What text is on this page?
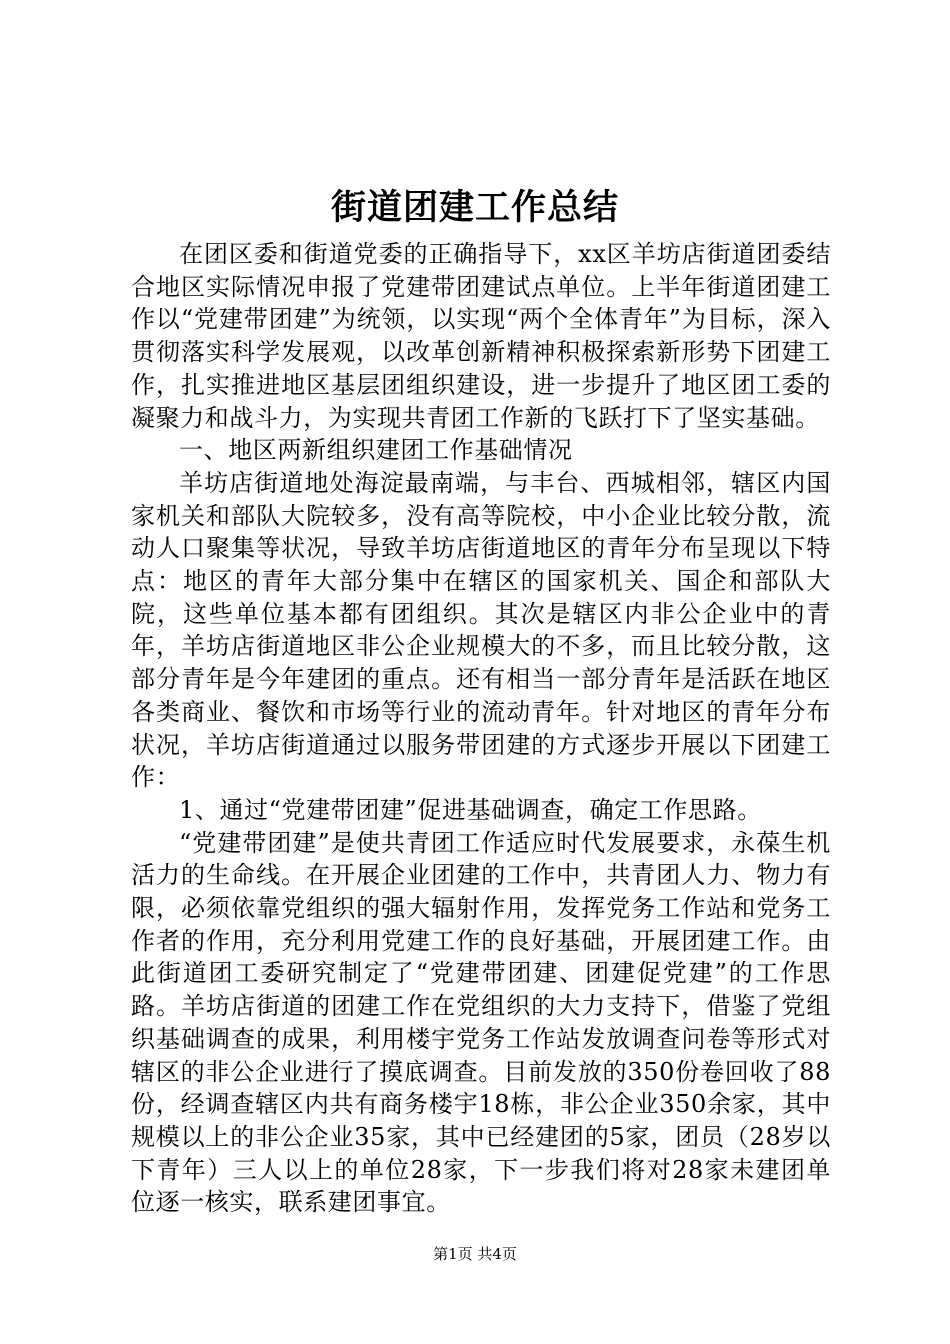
街道团建工作总结

在团区委和街道党委的正确指导下，xx区羊坊店街道团委结合地区实际情况申报了党建带团建试点单位。上半年街道团建工作以“党建带团建”为统领，以实现“两个全体青年”为目标，深入贯彻落实科学发展观，以改革创新精神积极探索新形势下团建工作，扎实推进地区基层团组织建设，进一步提升了地区团工委的凝聚力和战斗力，为实现共青团工作新的飞跃打下了坚实基础。

一、地区两新组织建团工作基础情况

羊坊店街道地处海淀最南端，与丰台、西城相邻，辖区内国家机关和部队大院较多，没有高等院校，中小企业比较分散，流动人口聚集等状况，导致羊坊店街道地区的青年分布呈现以下特点：地区的青年大部分集中在辖区的国家机关、国企和部队大院，这些单位基本都有团组织。其次是辖区内非公企业中的青年，羊坊店街道地区非公企业规模大的不多，而且比较分散，这部分青年是今年建团的重点。还有相当一部分青年是活跃在地区各类商业、餐饮和市场等行业的流动青年。针对地区的青年分布状况，羊坊店街道通过以服务带团建的方式逐步开展以下团建工作：

1、通过“党建带团建”促进基础调查，确定工作思路。

“党建带团建”是使共青团工作适应时代发展要求，永葆生机活力的生命线。在开展企业团建的工作中，共青团人力、物力有限，必须依靠党组织的强大辐射作用，发挥党务工作站和党务工作者的作用，充分利用党建工作的良好基础，开展团建工作。由此街道团工委研究制定了“党建带团建、团建促党建”的工作思路。羊坊店街道的团建工作在党组织的大力支持下，借鉴了党组织基础调查的成果，利用楼宇党务工作站发放调查问卷等形式对辖区的非公企业进行了摸底调查。目前发放的350份卷回收了88份，经调查辖区内共有商务楼宇18栋，非公企业350余家，其中规模以上的非公企业35家，其中已经建团的5家，团员（28岁以下青年）三人以上的单位28家，下一步我们将对28家未建团单位逐一核实，联系建团事宜。

第1页 共4页
